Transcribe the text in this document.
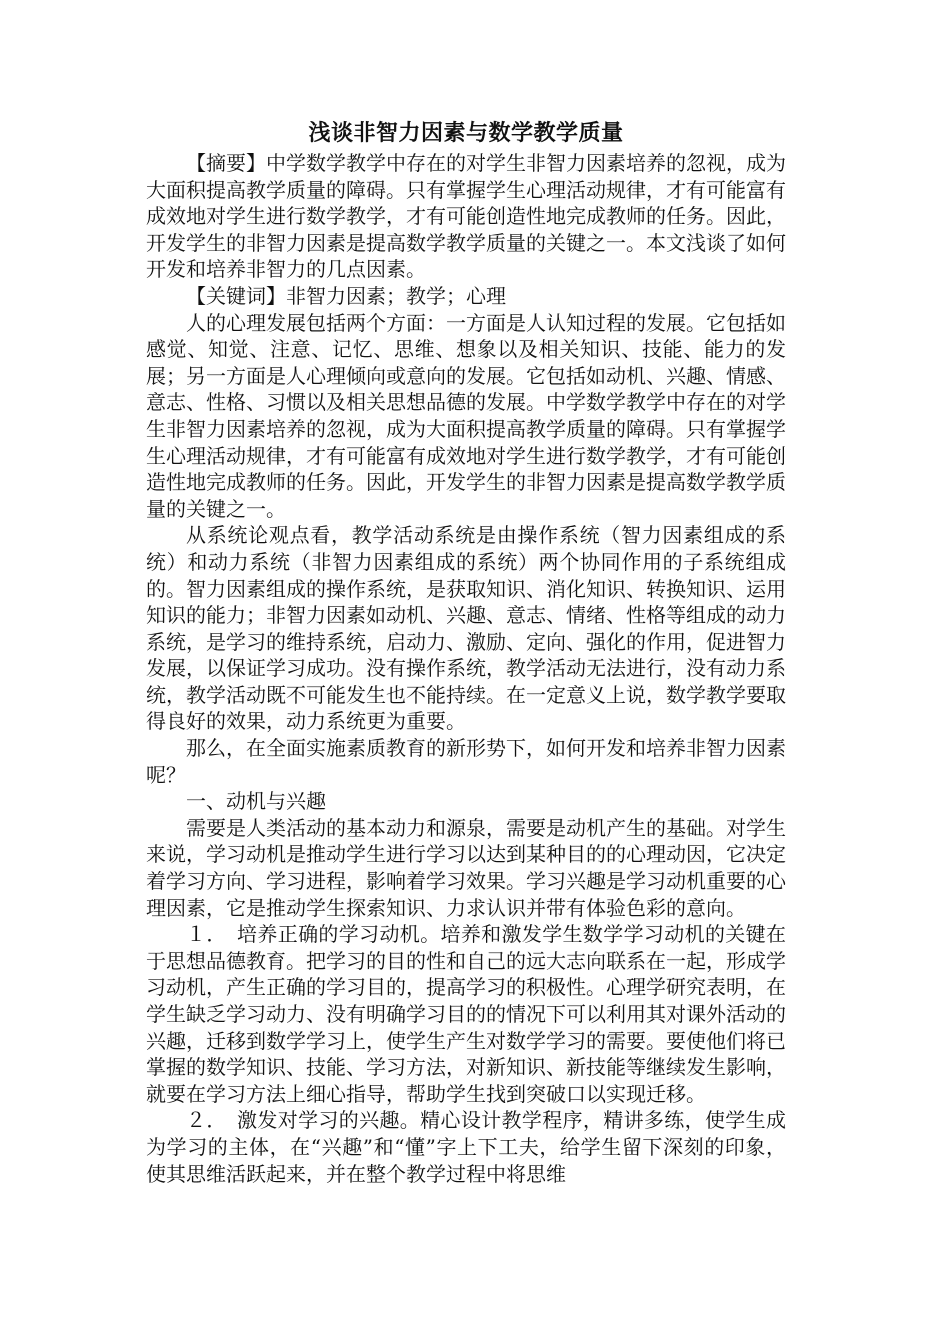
浅谈非智力因素与数学教学质量

【摘要】中学数学教学中存在的对学生非智力因素培养的忽视，成为大面积提高教学质量的障碍。只有掌握学生心理活动规律，才有可能富有成效地对学生进行数学教学，才有可能创造性地完成教师的任务。因此，开发学生的非智力因素是提高数学教学质量的关键之一。本文浅谈了如何开发和培养非智力的几点因素。

【关键词】非智力因素；教学；心理

人的心理发展包括两个方面：一方面是人认知过程的发展。它包括如感觉、知觉、注意、记忆、思维、想象以及相关知识、技能、能力的发展；另一方面是人心理倾向或意向的发展。它包括如动机、兴趣、情感、意志、性格、习惯以及相关思想品德的发展。中学数学教学中存在的对学生非智力因素培养的忽视，成为大面积提高教学质量的障碍。只有掌握学生心理活动规律，才有可能富有成效地对学生进行数学教学，才有可能创造性地完成教师的任务。因此，开发学生的非智力因素是提高数学教学质量的关键之一。

从系统论观点看，教学活动系统是由操作系统（智力因素组成的系统）和动力系统（非智力因素组成的系统）两个协同作用的子系统组成的。智力因素组成的操作系统，是获取知识、消化知识、转换知识、运用知识的能力；非智力因素如动机、兴趣、意志、情绪、性格等组成的动力系统，是学习的维持系统，启动力、激励、定向、强化的作用，促进智力发展，以保证学习成功。没有操作系统，教学活动无法进行，没有动力系统，教学活动既不可能发生也不能持续。在一定意义上说，数学教学要取得良好的效果，动力系统更为重要。

那么，在全面实施素质教育的新形势下，如何开发和培养非智力因素呢？

一、动机与兴趣

需要是人类活动的基本动力和源泉，需要是动机产生的基础。对学生来说，学习动机是推动学生进行学习以达到某种目的的心理动因，它决定着学习方向、学习进程，影响着学习效果。学习兴趣是学习动机重要的心理因素，它是推动学生探索知识、力求认识并带有体验色彩的意向。

１．　培养正确的学习动机。培养和激发学生数学学习动机的关键在于思想品德教育。把学习的目的性和自己的远大志向联系在一起，形成学习动机，产生正确的学习目的，提高学习的积极性。心理学研究表明，在学生缺乏学习动力、没有明确学习目的的情况下可以利用其对课外活动的兴趣，迁移到数学学习上，使学生产生对数学学习的需要。要使他们将已掌握的数学知识、技能、学习方法，对新知识、新技能等继续发生影响，就要在学习方法上细心指导，帮助学生找到突破口以实现迁移。

２．　激发对学习的兴趣。精心设计教学程序，精讲多练，使学生成为学习的主体，在“兴趣”和“懂”字上下工夫，给学生留下深刻的印象，使其思维活跃起来，并在整个教学过程中将思维
